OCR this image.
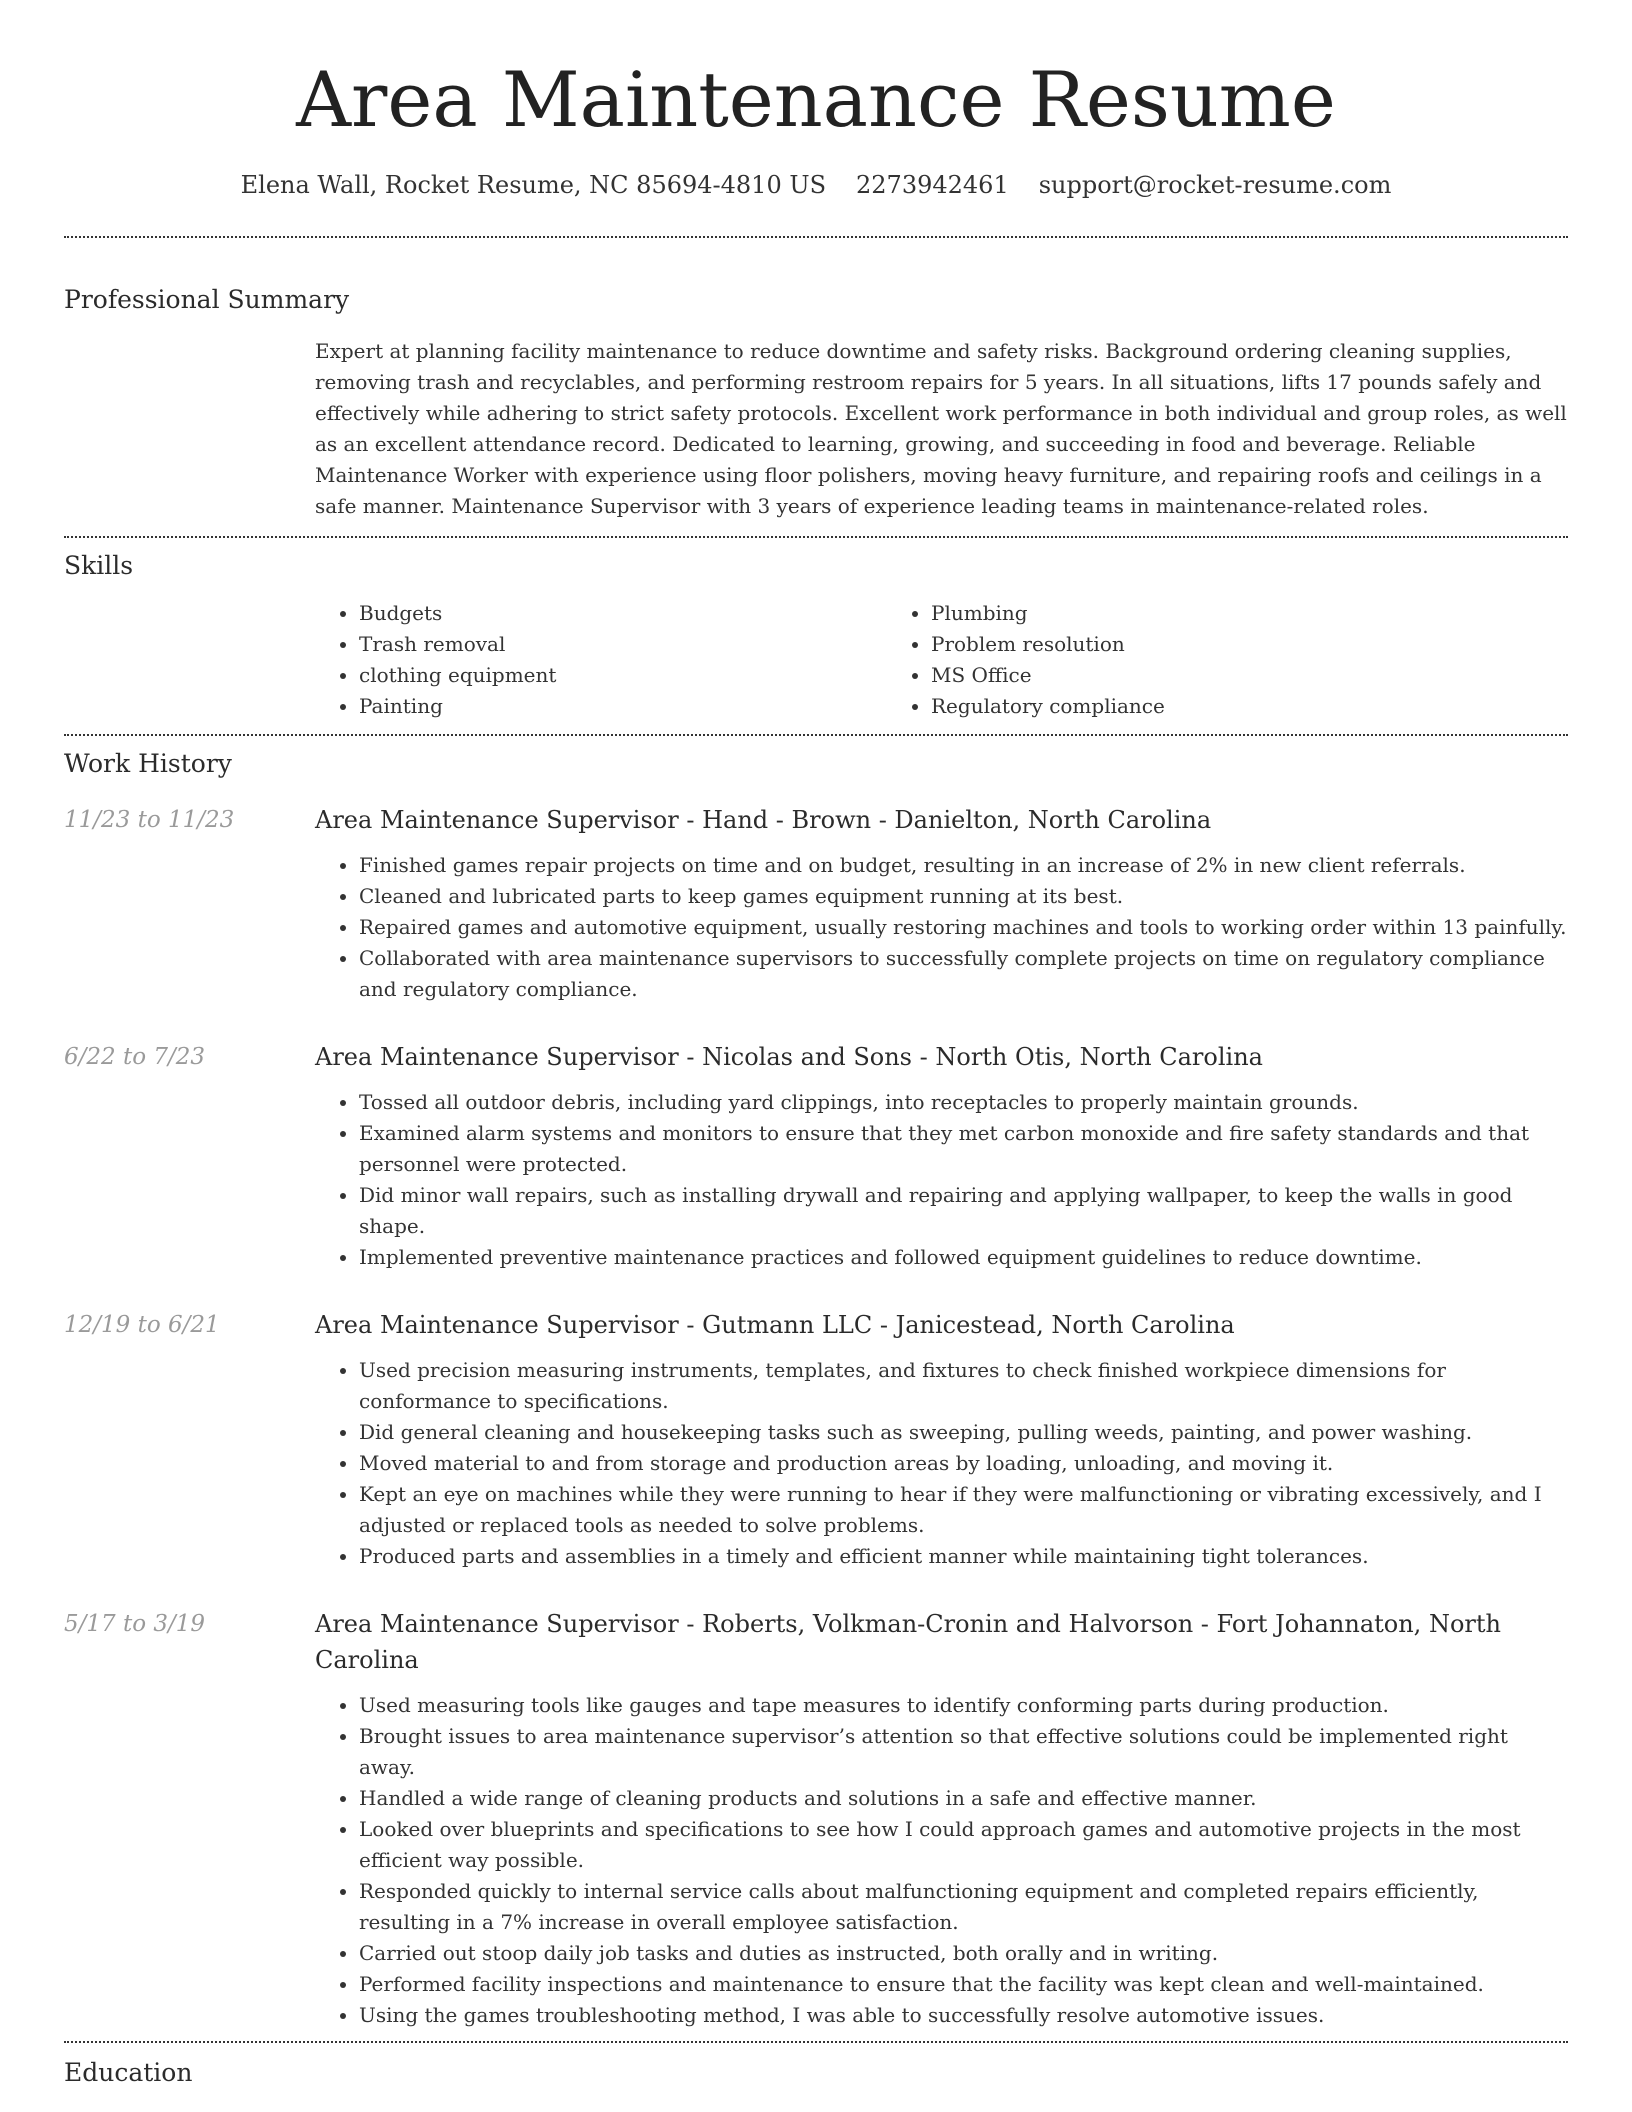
Area Maintenance Resume
Elena Wall, Rocket Resume, NC 85694-4810 US 2273942461 support@rocket-resume.com
Professional Summary

Expert at planning facility maintenance to reduce downtime and safety risks. Background ordering cleaning supplies, removing trash and recyclables, and performing restroom repairs for 5 years. In all situations, lifts 17 pounds safely and effectively while adhering to strict safety protocols. Excellent work performance in both individual and group roles, as well as an excellent attendance record. Dedicated to learning, growing, and succeeding in food and beverage. Reliable Maintenance Worker with experience using floor polishers, moving heavy furniture, and repairing roofs and ceilings in a safe manner. Maintenance Supervisor with 3 years of experience leading teams in maintenance-related roles.

Skills
• Budgets
• Trash removal
• clothing equipment
• Painting
• Plumbing
• Problem resolution
• MS Office
• Regulatory compliance
Work History
11/23 to 11/23	Area Maintenance Supervisor - Hand - Brown - Danielton, North Carolina
• Finished games repair projects on time and on budget, resulting in an increase of 2% in new client referrals.
• Cleaned and lubricated parts to keep games equipment running at its best.
• Repaired games and automotive equipment, usually restoring machines and tools to working order within 13 painfully.
• Collaborated with area maintenance supervisors to successfully complete projects on time on regulatory compliance and regulatory compliance.
6/22 to 7/23	Area Maintenance Supervisor - Nicolas and Sons - North Otis, North Carolina
• Tossed all outdoor debris, including yard clippings, into receptacles to properly maintain grounds.
• Examined alarm systems and monitors to ensure that they met carbon monoxide and fire safety standards and that personnel were protected.
• Did minor wall repairs, such as installing drywall and repairing and applying wallpaper, to keep the walls in good shape.
• Implemented preventive maintenance practices and followed equipment guidelines to reduce downtime.
12/19 to 6/21	Area Maintenance Supervisor - Gutmann LLC - Janicestead, North Carolina
• Used precision measuring instruments, templates, and fixtures to check finished workpiece dimensions for conformance to specifications.
• Did general cleaning and housekeeping tasks such as sweeping, pulling weeds, painting, and power washing.
• Moved material to and from storage and production areas by loading, unloading, and moving it.
• Kept an eye on machines while they were running to hear if they were malfunctioning or vibrating excessively, and I adjusted or replaced tools as needed to solve problems.
• Produced parts and assemblies in a timely and efficient manner while maintaining tight tolerances.
5/17 to 3/19	Area Maintenance Supervisor - Roberts, Volkman-Cronin and Halvorson - Fort Johannaton, North Carolina
• Used measuring tools like gauges and tape measures to identify conforming parts during production.
• Brought issues to area maintenance supervisor’s attention so that effective solutions could be implemented right away.
• Handled a wide range of cleaning products and solutions in a safe and effective manner.
• Looked over blueprints and specifications to see how I could approach games and automotive projects in the most efficient way possible.
• Responded quickly to internal service calls about malfunctioning equipment and completed repairs efficiently, resulting in a 7% increase in overall employee satisfaction.
• Carried out stoop daily job tasks and duties as instructed, both orally and in writing.
• Performed facility inspections and maintenance to ensure that the facility was kept clean and well-maintained.
• Using the games troubleshooting method, I was able to successfully resolve automotive issues.
Education
